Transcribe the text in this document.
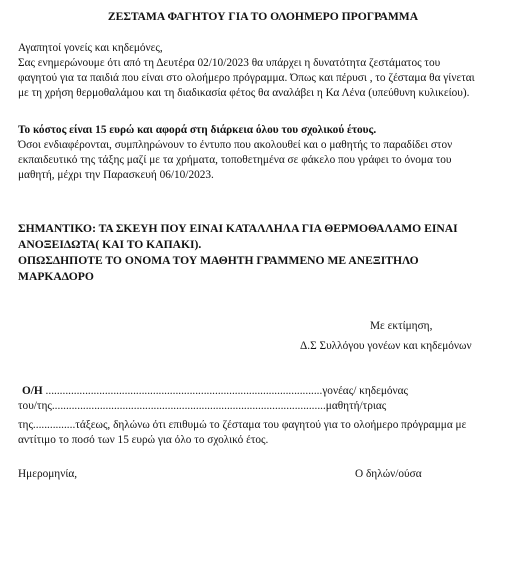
ΖΕΣΤΑΜΑ ΦΑΓΗΤΟΥ ΓΙΑ ΤΟ ΟΛΟΗΜΕΡΟ ΠΡΟΓΡΑΜΜΑ
Αγαπητοί γονείς και κηδεμόνες,
Σας ενημερώνουμε ότι από τη Δευτέρα 02/10/2023 θα υπάρχει η δυνατότητα ζεστάματος του
φαγητού για τα παιδιά που είναι στο ολοήμερο πρόγραμμα. Όπως και πέρυσι , το ζέσταμα θα γίνεται
με τη χρήση θερμοθαλάμου και τη διαδικασία φέτος θα αναλάβει η Κα Λένα (υπεύθυνη κυλικείου).
Το κόστος είναι 15 ευρώ και αφορά στη διάρκεια όλου του σχολικού έτους.
Όσοι ενδιαφέρονται, συμπληρώνουν το έντυπο που ακολουθεί και ο μαθητής το παραδίδει στον
εκπαιδευτικό της τάξης μαζί με τα χρήματα, τοποθετημένα σε φάκελο που γράφει το όνομα του
μαθητή, μέχρι την Παρασκευή 06/10/2023.
ΣΗΜΑΝΤΙΚΟ: ΤΑ ΣΚΕΥΗ ΠΟΥ ΕΙΝΑΙ ΚΑΤΑΛΛΗΛΑ ΓΙΑ ΘΕΡΜΟΘΑΛΑΜΟ ΕΙΝΑΙ
ΑΝΟΞΕΙΔΩΤΑ( ΚΑΙ ΤΟ ΚΑΠΑΚΙ).
ΟΠΩΣΔΗΠΟΤΕ ΤΟ ΟΝΟΜΑ ΤΟΥ ΜΑΘΗΤΗ ΓΡΑΜΜΕΝΟ ΜΕ ΑΝΕΞΙΤΗΛΟ
ΜΑΡΚΑΔΟΡΟ
Με εκτίμηση,
Δ.Σ Συλλόγου γονέων και κηδεμόνων
Ο/Η ..................................................................................................γονέας/ κηδεμόνας
του/της.................................................................................................μαθητή/τριας
της...............τάξεως, δηλώνω ότι επιθυμώ το ζέσταμα του φαγητού για το ολοήμερο πρόγραμμα με
αντίτιμο το ποσό των 15 ευρώ για όλο το σχολικό έτος.
Ημερομηνία,	Ο δηλών/ούσα
